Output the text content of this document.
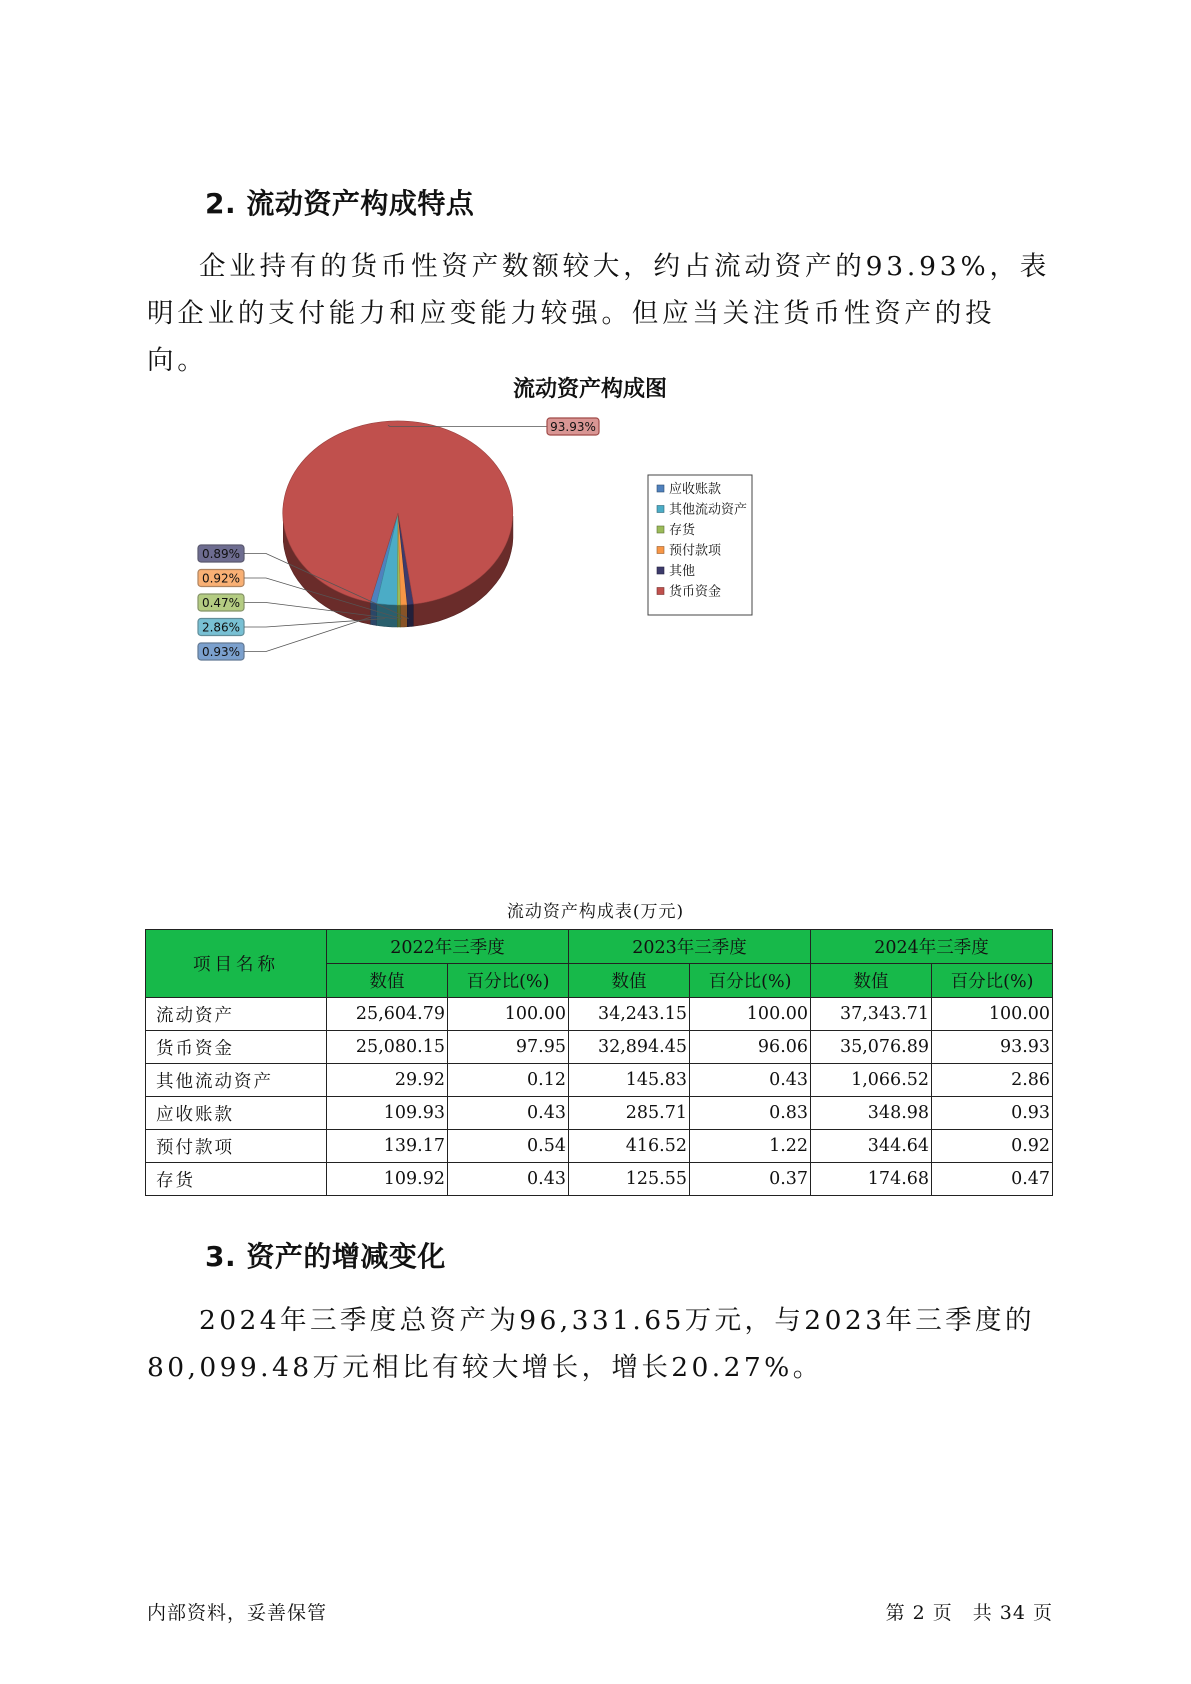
2. 流动资产构成特点

企业持有的货币性资产数额较大，约占流动资产的93.93%，表明企业的支付能力和应变能力较强。但应当关注货币性资产的投向。

0.89%
0.92%
0.47%
2.86%
0.93%
93.93%
应收账款
其他流动资产
存货
预付款项
其他
货币资金
流动资产构成图
流动资产构成表(万元)
项目名称	2022年三季度		2023年三季度		2024年三季度	
	数值	百分比(%)	数值	百分比(%)	数值	百分比(%)
流动资产	25,604.79	100.00	34,243.15	100.00	37,343.71	100.00
货币资金	25,080.15	97.95	32,894.45	96.06	35,076.89	93.93
其他流动资产	29.92	0.12	145.83	0.43	1,066.52	2.86
应收账款	109.93	0.43	285.71	0.83	348.98	0.93
预付款项	139.17	0.54	416.52	1.22	344.64	0.92
存货	109.92	0.43	125.55	0.37	174.68	0.47
3. 资产的增减变化

2024年三季度总资产为96,331.65万元，与2023年三季度的80,099.48万元相比有较大增长，增长20.27%。

内部资料，妥善保管	第 2 页　共 34 页
